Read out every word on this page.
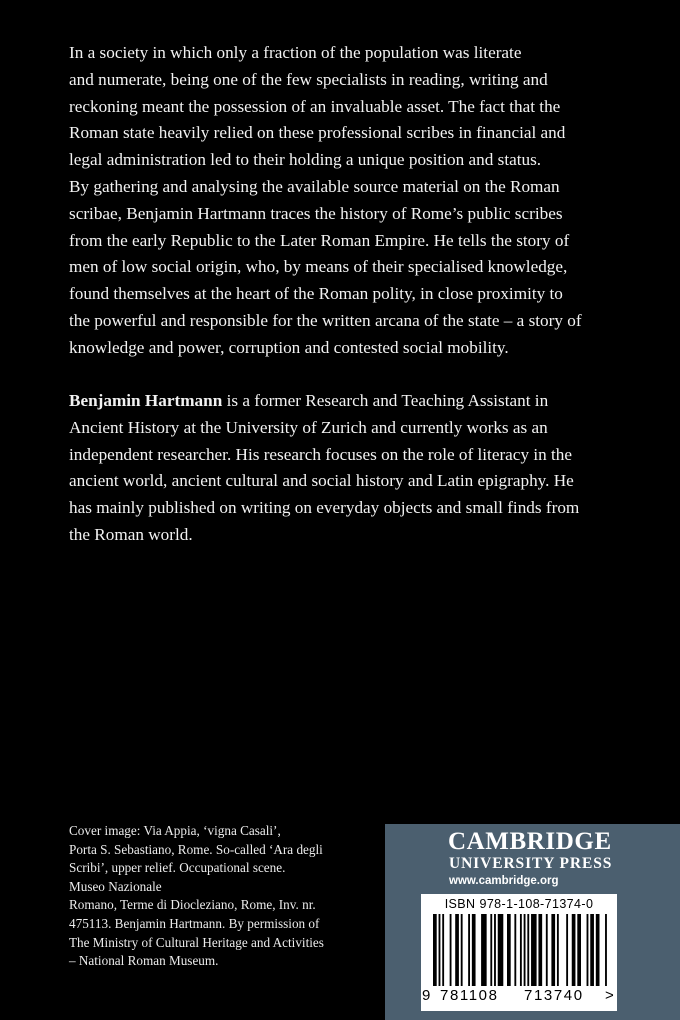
In a society in which only a fraction of the population was literate
and numerate, being one of the few specialists in reading, writing and
reckoning meant the possession of an invaluable asset. The fact that the
Roman state heavily relied on these professional scribes in financial and
legal administration led to their holding a unique position and status.
By gathering and analysing the available source material on the Roman
scribae, Benjamin Hartmann traces the history of Rome’s public scribes
from the early Republic to the Later Roman Empire. He tells the story of
men of low social origin, who, by means of their specialised knowledge,
found themselves at the heart of the Roman polity, in close proximity to
the powerful and responsible for the written arcana of the state – a story of
knowledge and power, corruption and contested social mobility.

Benjamin Hartmann is a former Research and Teaching Assistant in
Ancient History at the University of Zurich and currently works as an
independent researcher. His research focuses on the role of literacy in the
ancient world, ancient cultural and social history and Latin epigraphy. He
has mainly published on writing on everyday objects and small finds from
the Roman world.
Cover image: Via Appia, ‘vigna Casali’,
Porta S. Sebastiano, Rome. So-called ‘Ara degli
Scribi’, upper relief. Occupational scene.
Museo Nazionale
Romano, Terme di Diocleziano, Rome, Inv. nr.
475113. Benjamin Hartmann. By permission of
The Ministry of Cultural Heritage and Activities
– National Roman Museum.
CAMBRIDGE
UNIVERSITY PRESS
www.cambridge.org
ISBN 978-1-108-71374-0
9 781108 713740 >
